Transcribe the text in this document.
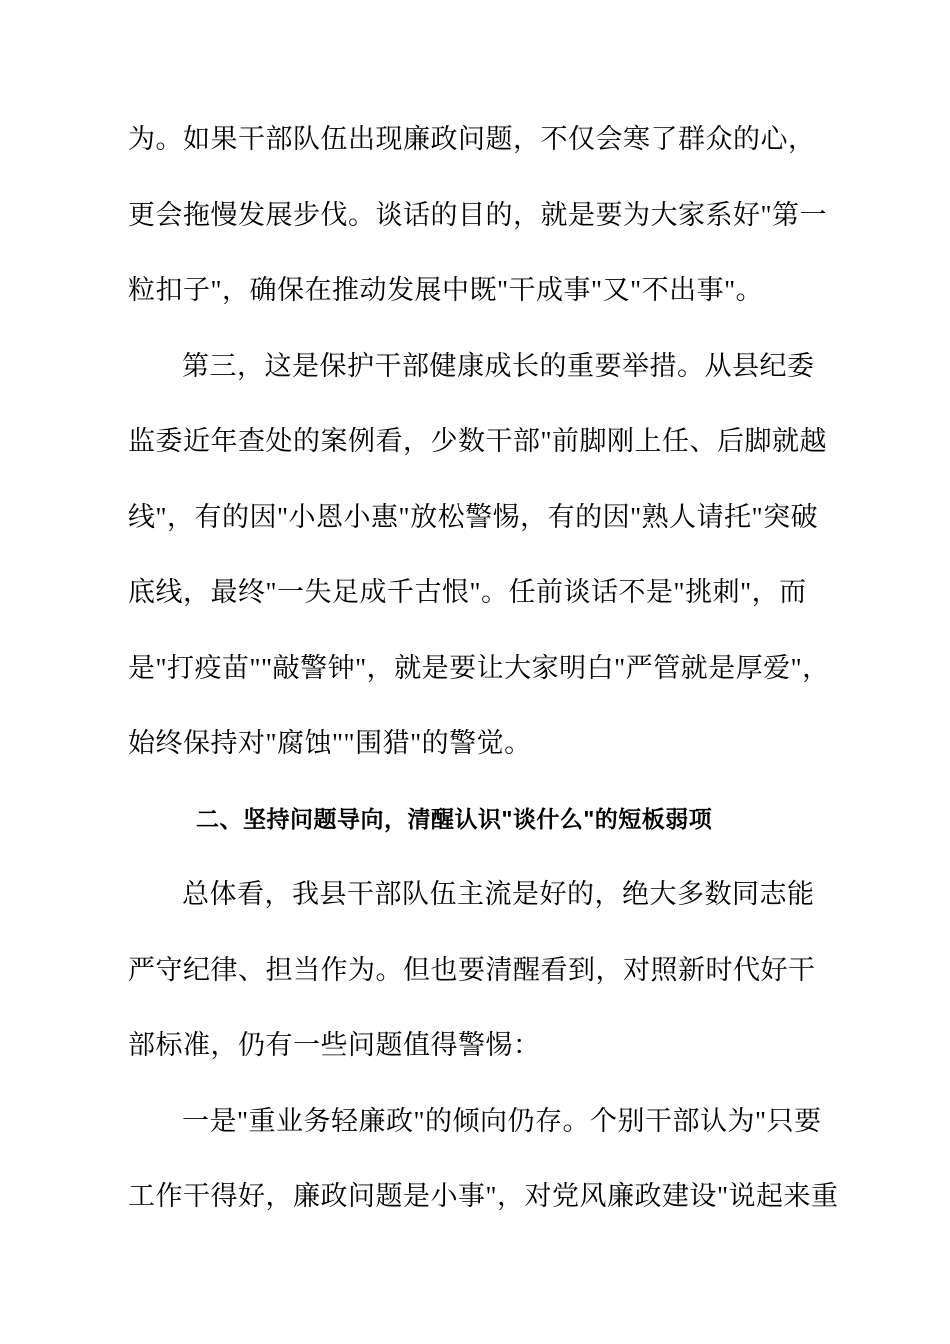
为。如果干部队伍出现廉政问题，不仅会寒了群众的心，
更会拖慢发展步伐。谈话的目的，就是要为大家系好"第一
粒扣子"，确保在推动发展中既"干成事"又"不出事"。
第三，这是保护干部健康成长的重要举措。从县纪委
监委近年查处的案例看，少数干部"前脚刚上任、后脚就越
线"，有的因"小恩小惠"放松警惕，有的因"熟人请托"突破
底线，最终"一失足成千古恨"。任前谈话不是"挑刺"，而
是"打疫苗""敲警钟"，就是要让大家明白"严管就是厚爱"，
始终保持对"腐蚀""围猎"的警觉。
二、坚持问题导向，清醒认识"谈什么"的短板弱项
总体看，我县干部队伍主流是好的，绝大多数同志能
严守纪律、担当作为。但也要清醒看到，对照新时代好干
部标准，仍有一些问题值得警惕：
一是"重业务轻廉政"的倾向仍存。个别干部认为"只要
工作干得好，廉政问题是小事"，对党风廉政建设"说起来重
